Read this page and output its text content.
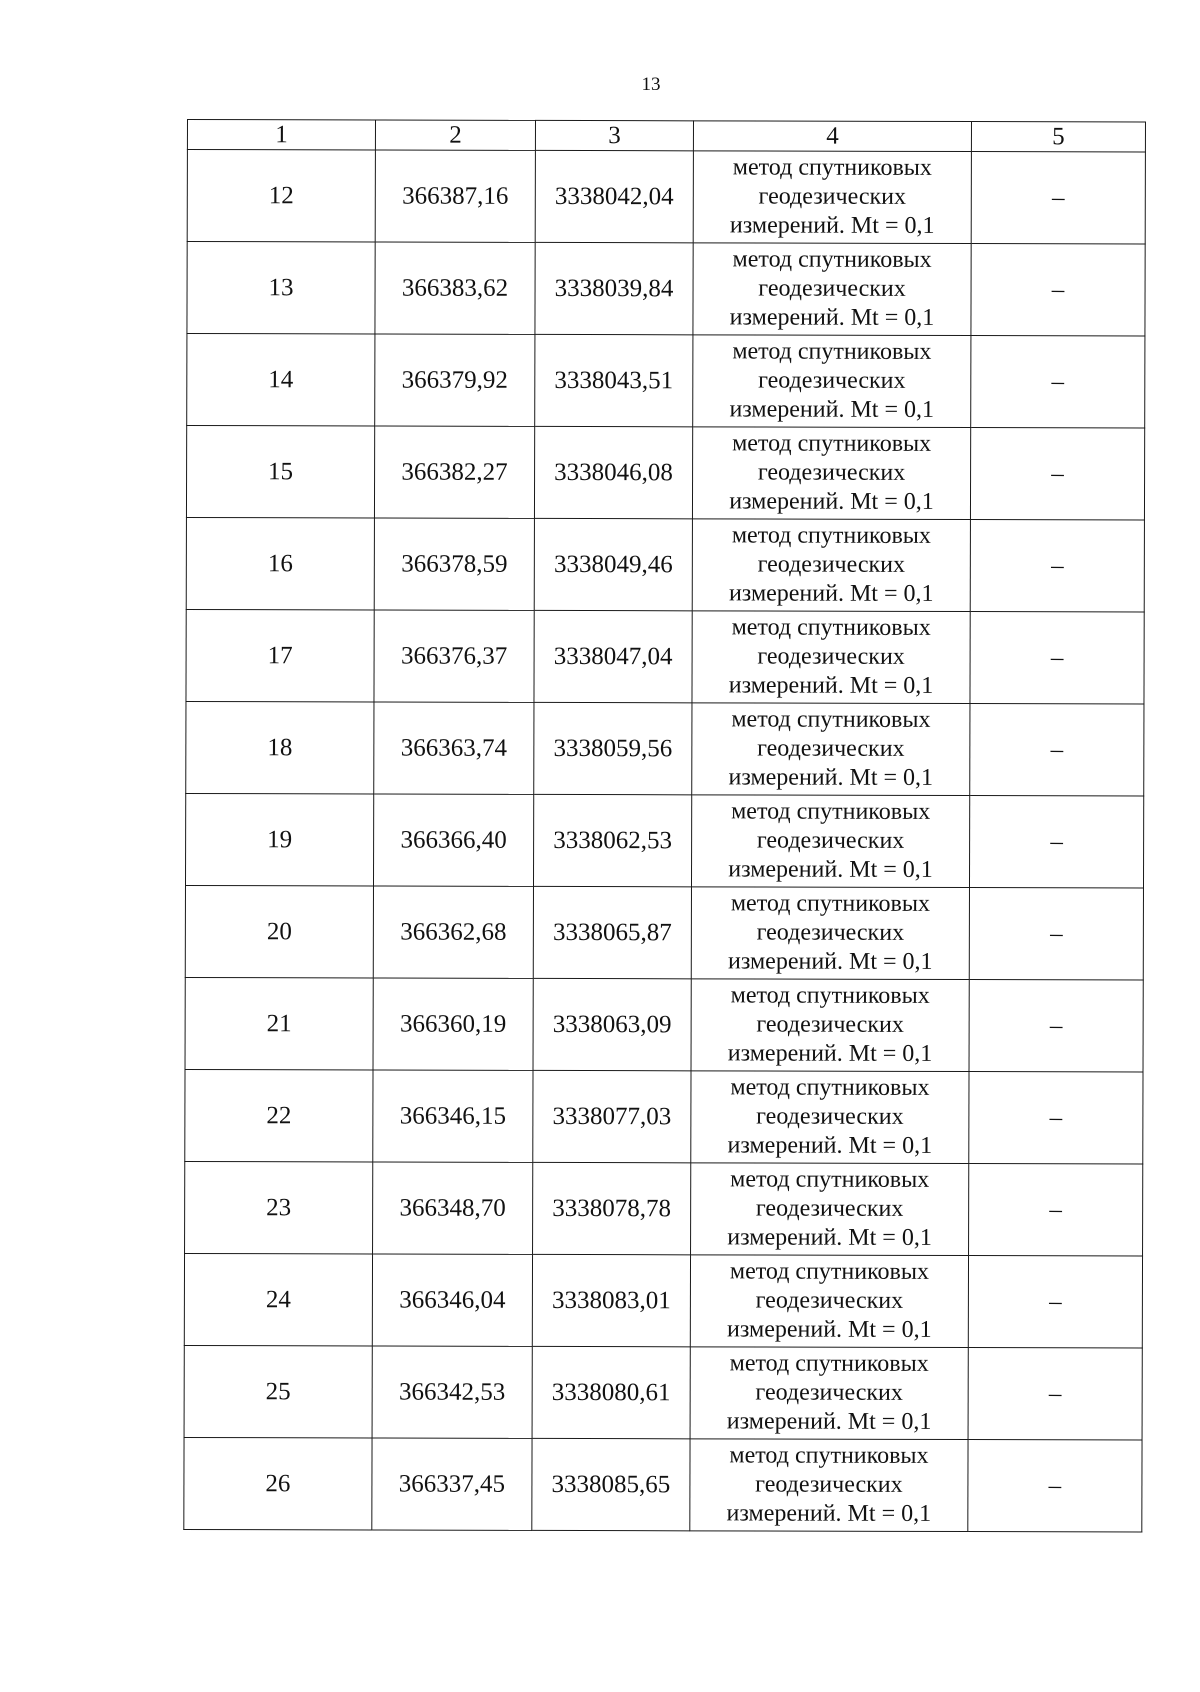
13
1	2	3	4	5
12	366387,16	3338042,04	метод спутниковых
геодезических
измерений. Mt = 0,1	–
13	366383,62	3338039,84	метод спутниковых
геодезических
измерений. Mt = 0,1	–
14	366379,92	3338043,51	метод спутниковых
геодезических
измерений. Mt = 0,1	–
15	366382,27	3338046,08	метод спутниковых
геодезических
измерений. Mt = 0,1	–
16	366378,59	3338049,46	метод спутниковых
геодезических
измерений. Mt = 0,1	–
17	366376,37	3338047,04	метод спутниковых
геодезических
измерений. Mt = 0,1	–
18	366363,74	3338059,56	метод спутниковых
геодезических
измерений. Mt = 0,1	–
19	366366,40	3338062,53	метод спутниковых
геодезических
измерений. Mt = 0,1	–
20	366362,68	3338065,87	метод спутниковых
геодезических
измерений. Mt = 0,1	–
21	366360,19	3338063,09	метод спутниковых
геодезических
измерений. Mt = 0,1	–
22	366346,15	3338077,03	метод спутниковых
геодезических
измерений. Mt = 0,1	–
23	366348,70	3338078,78	метод спутниковых
геодезических
измерений. Mt = 0,1	–
24	366346,04	3338083,01	метод спутниковых
геодезических
измерений. Mt = 0,1	–
25	366342,53	3338080,61	метод спутниковых
геодезических
измерений. Mt = 0,1	–
26	366337,45	3338085,65	метод спутниковых
геодезических
измерений. Mt = 0,1	–
